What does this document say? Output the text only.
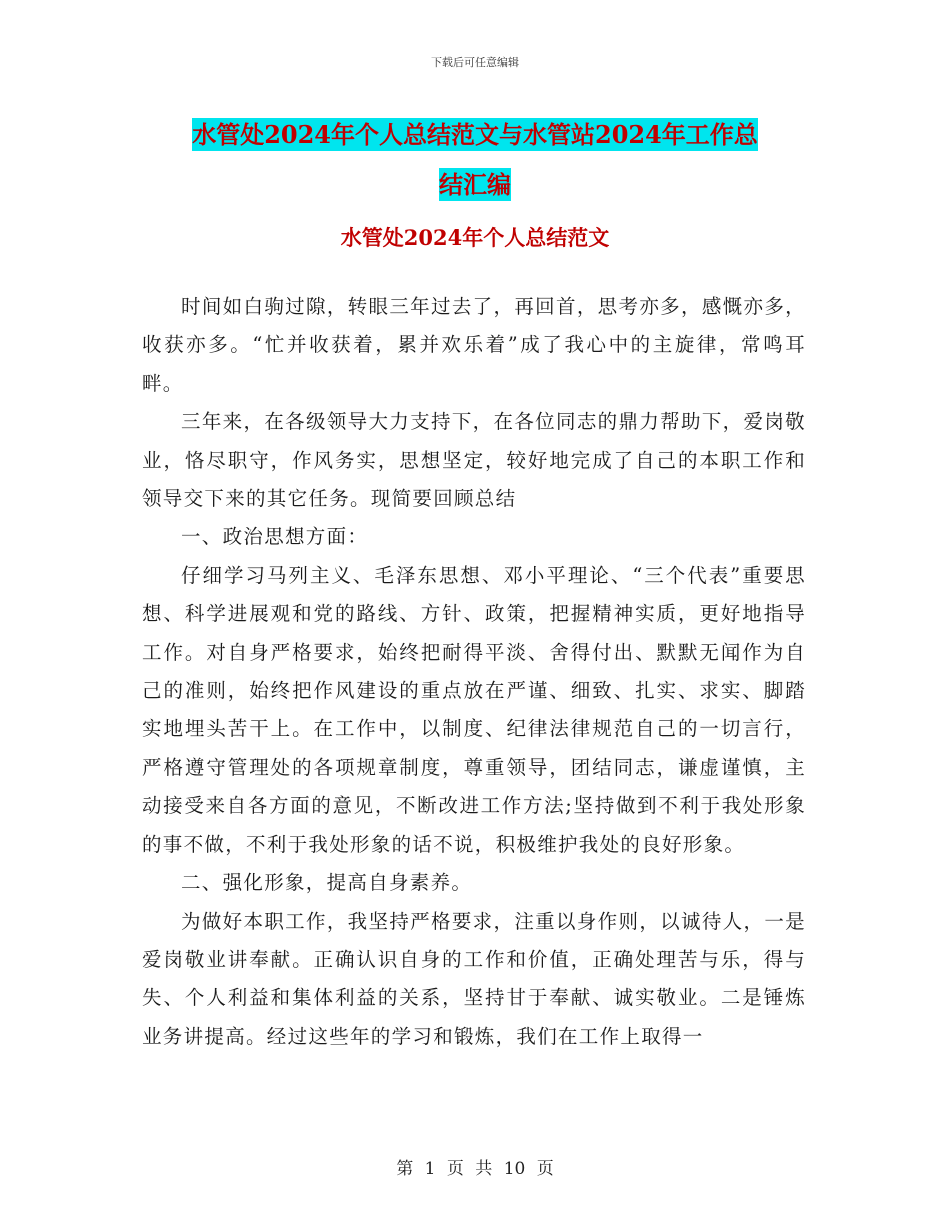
下载后可任意编辑
水管处2024年个人总结范文与水管站2024年工作总
结汇编
水管处2024年个人总结范文

时间如白驹过隙，转眼三年过去了，再回首，思考亦多，感慨亦多，收获亦多。“忙并收获着，累并欢乐着”成了我心中的主旋律，常鸣耳畔。

三年来，在各级领导大力支持下，在各位同志的鼎力帮助下，爱岗敬业，恪尽职守，作风务实，思想坚定，较好地完成了自己的本职工作和领导交下来的其它任务。现简要回顾总结

一、政治思想方面：

仔细学习马列主义、毛泽东思想、邓小平理论、“三个代表”重要思想、科学进展观和党的路线、方针、政策，把握精神实质，更好地指导工作。对自身严格要求，始终把耐得平淡、舍得付出、默默无闻作为自己的准则，始终把作风建设的重点放在严谨、细致、扎实、求实、脚踏实地埋头苦干上。在工作中，以制度、纪律法律规范自己的一切言行，严格遵守管理处的各项规章制度，尊重领导，团结同志，谦虚谨慎，主动接受来自各方面的意见，不断改进工作方法;坚持做到不利于我处形象的事不做，不利于我处形象的话不说，积极维护我处的良好形象。

二、强化形象，提高自身素养。

为做好本职工作，我坚持严格要求，注重以身作则，以诚待人，一是爱岗敬业讲奉献。正确认识自身的工作和价值，正确处理苦与乐，得与失、个人利益和集体利益的关系，坚持甘于奉献、诚实敬业。二是锤炼业务讲提高。经过这些年的学习和锻炼，我们在工作上取得一

第 1 页 共 10 页
